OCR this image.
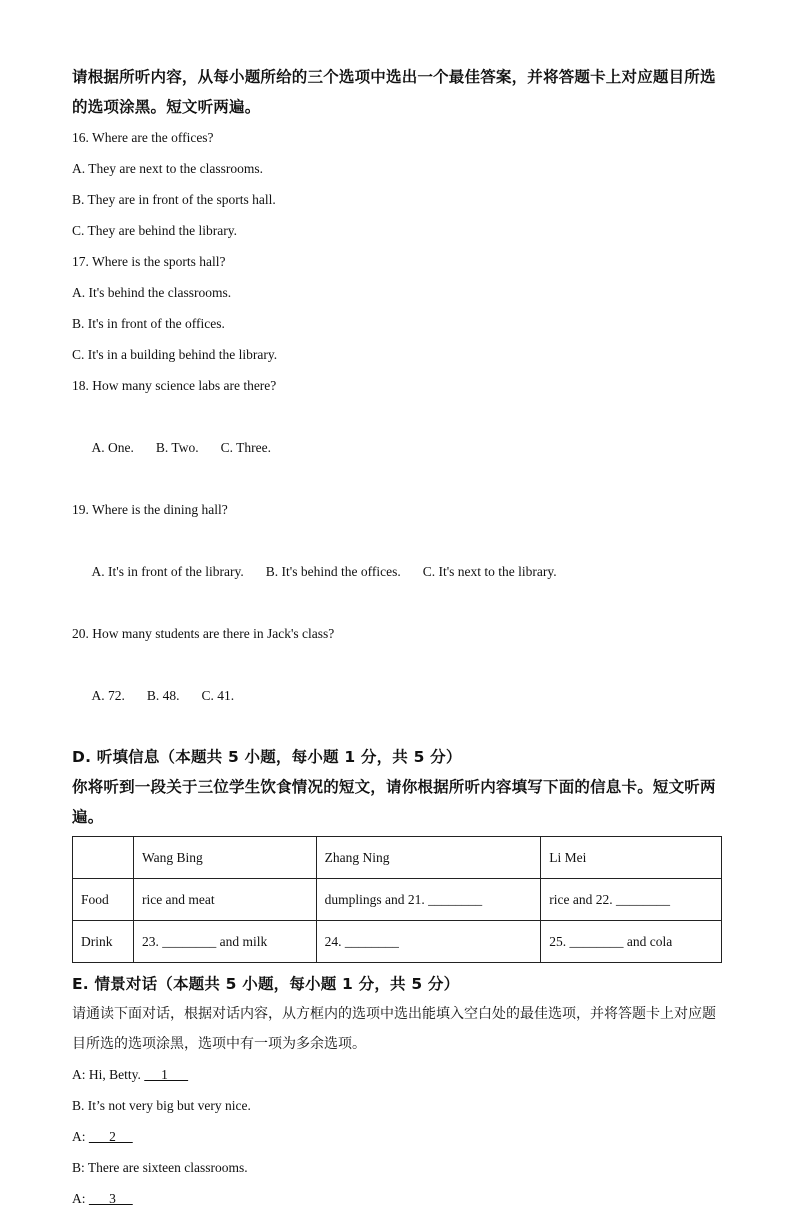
请根据所听内容，从每小题所给的三个选项中选出一个最佳答案，并将答题卡上对应题目所选的选项涂黑。短文听两遍。
16. Where are the offices?
A. They are next to the classrooms.
B. They are in front of the sports hall.
C. They are behind the library.
17. Where is the sports hall?
A. It's behind the classrooms.
B. It's in front of the offices.
C. It's in a building behind the library.
18. How many science labs are there?

A. One. B. Two. C. Three.

19. Where is the dining hall?

A. It's in front of the library. B. It's behind the offices. C. It's next to the library.

20. How many students are there in Jack's class?

A. 72. B. 48. C. 41.

D. 听填信息（本题共 5 小题，每小题 1 分，共 5 分）
你将听到一段关于三位学生饮食情况的短文，请你根据所听内容填写下面的信息卡。短文听两遍。
	Wang Bing	Zhang Ning	Li Mei
Food	rice and meat	dumplings and 21. ________	rice and 22. ________
Drink	23. ________ and milk	24. ________	25. ________ and cola
E. 情景对话（本题共 5 小题，每小题 1 分，共 5 分）
请通读下面对话，根据对话内容，从方框内的选项中选出能填入空白处的最佳选项，并将答题卡上对应题目所选的选项涂黑，选项中有一项为多余选项。
A: Hi, Betty.      1
B. It’s not very big but very nice.
A:       2
B: There are sixteen classrooms.
A:       3
